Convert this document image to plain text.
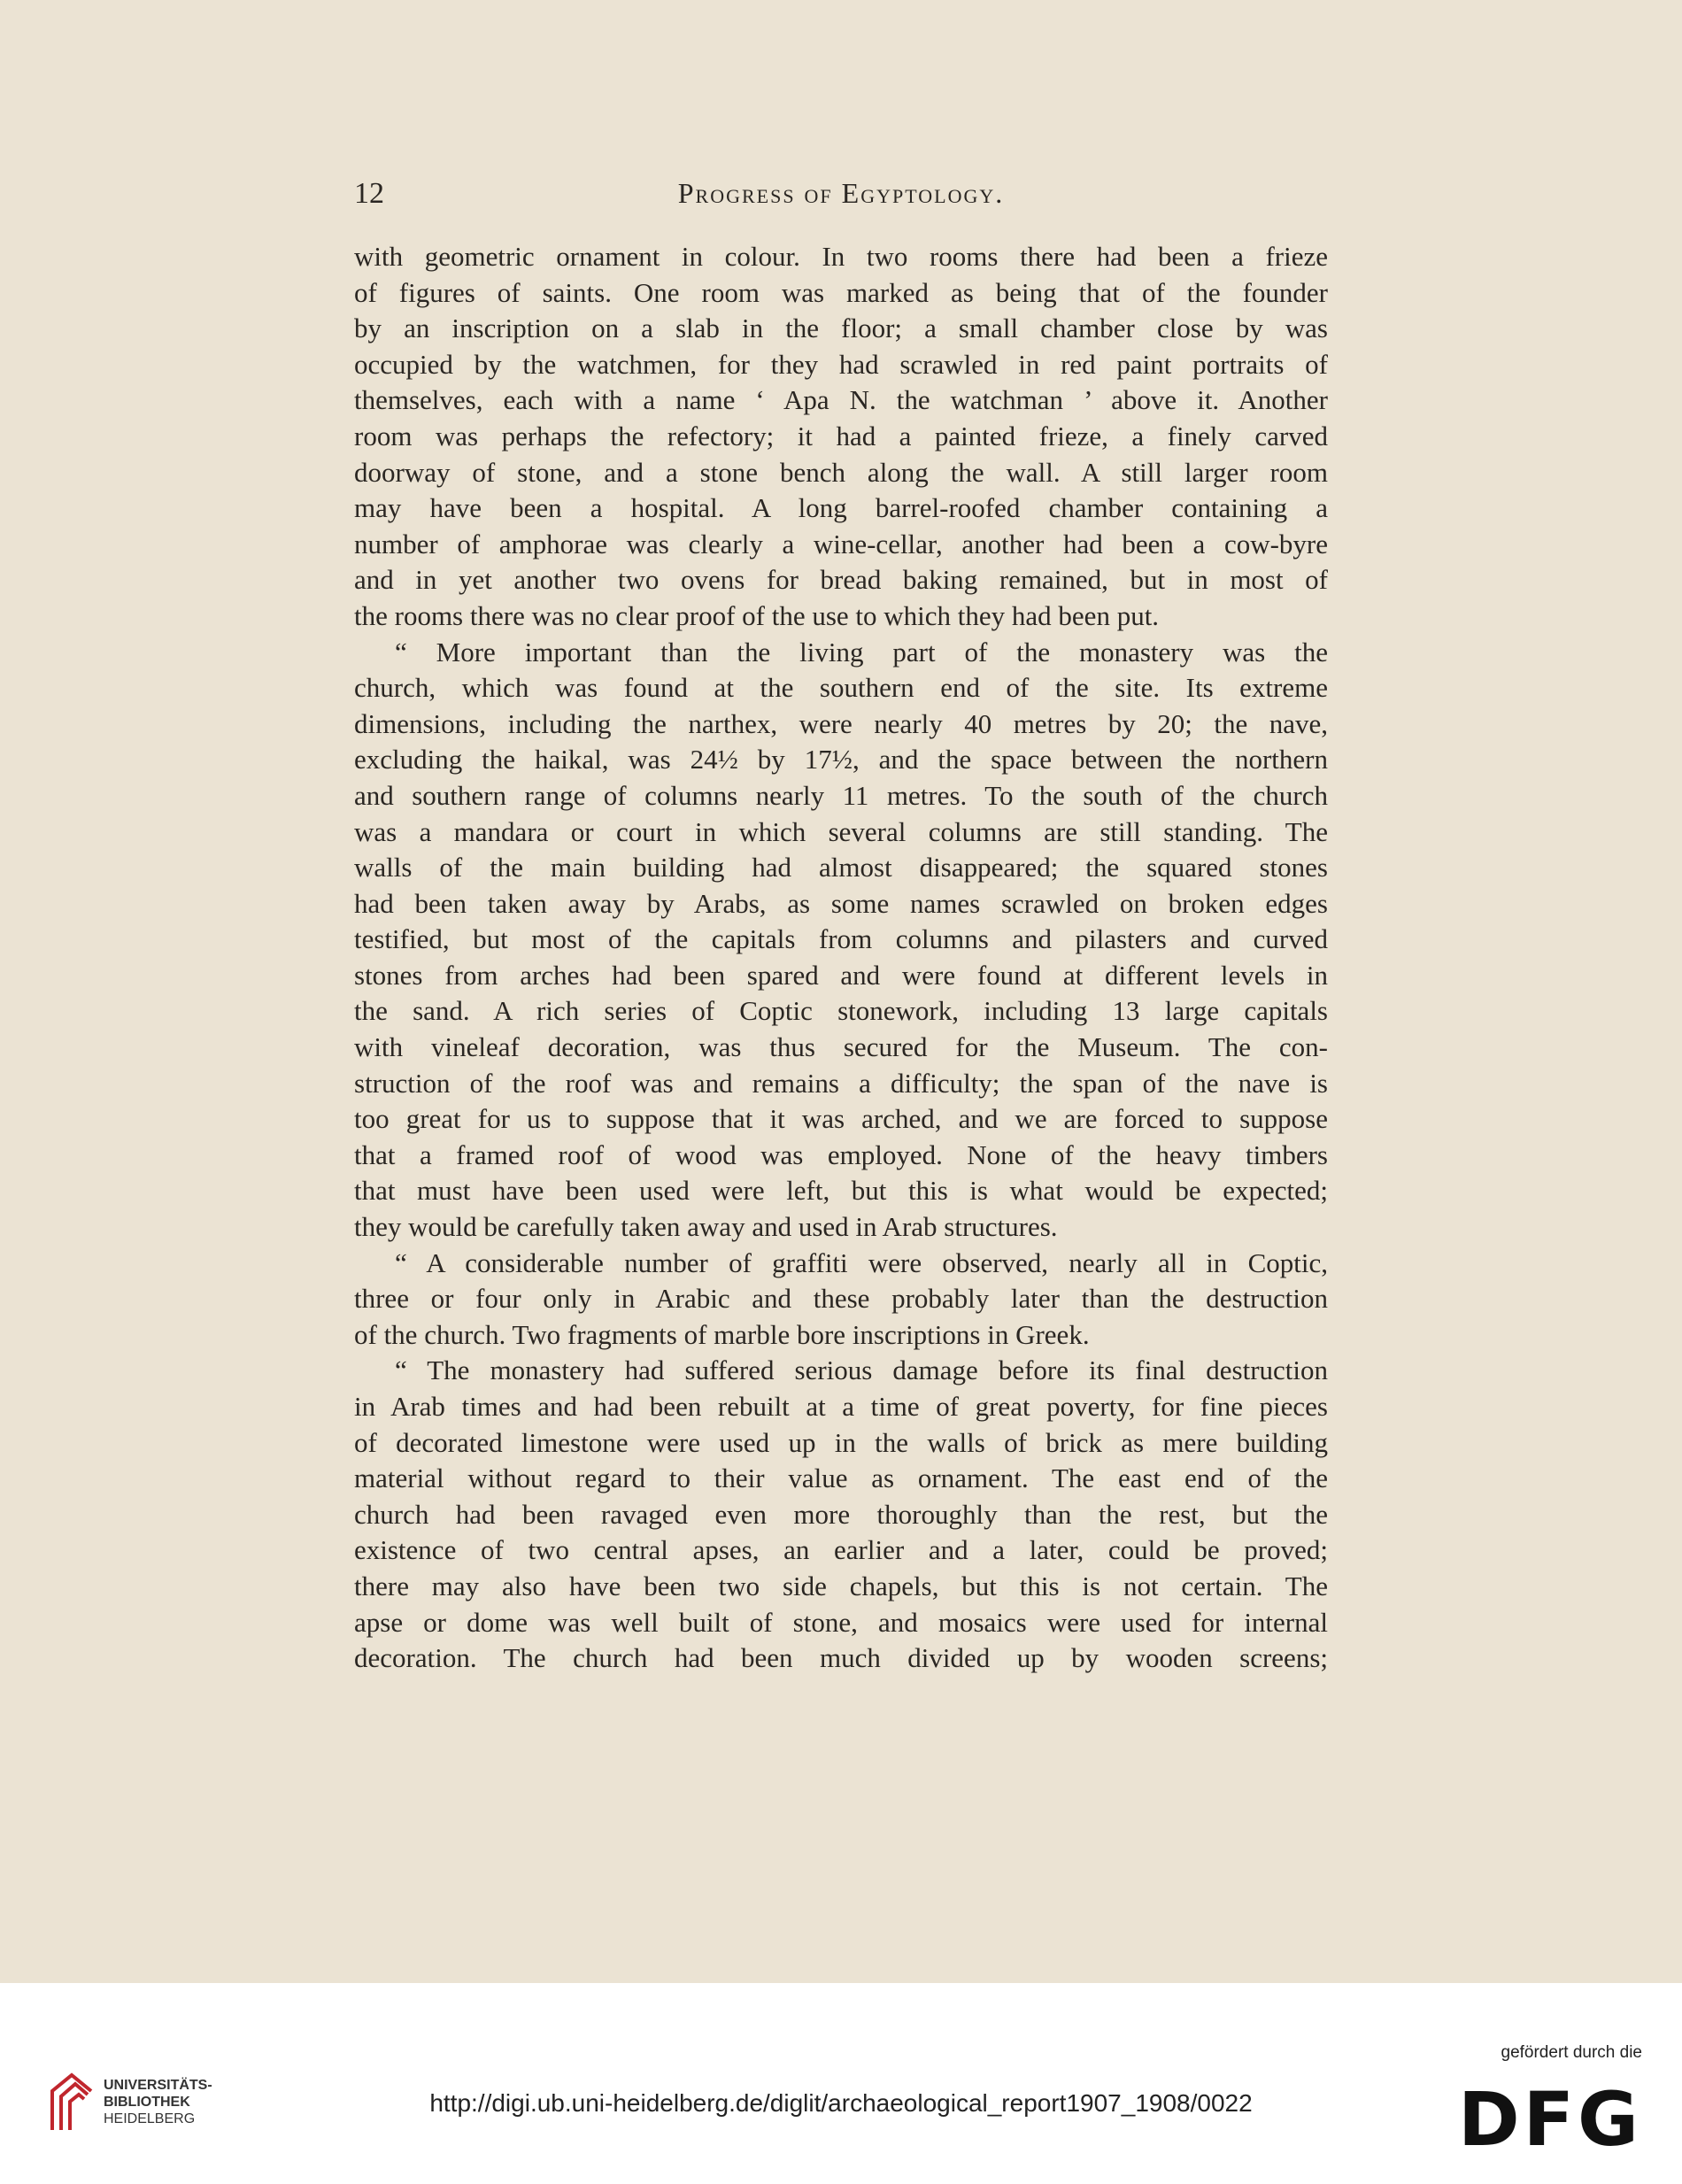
12	Progress of Egyptology.
with geometric ornament in colour. In two rooms there had been a frieze
of figures of saints. One room was marked as being that of the founder
by an inscription on a slab in the floor; a small chamber close by was
occupied by the watchmen, for they had scrawled in red paint portraits of
themselves, each with a name ‘ Apa N. the watchman ’ above it. Another
room was perhaps the refectory; it had a painted frieze, a finely carved
doorway of stone, and a stone bench along the wall. A still larger room
may have been a hospital. A long barrel-roofed chamber containing a
number of amphorae was clearly a wine-cellar, another had been a cow-byre
and in yet another two ovens for bread baking remained, but in most of
the rooms there was no clear proof of the use to which they had been put.
“ More important than the living part of the monastery was the
church, which was found at the southern end of the site. Its extreme
dimensions, including the narthex, were nearly 40 metres by 20; the nave,
excluding the haikal, was 24½ by 17½, and the space between the northern
and southern range of columns nearly 11 metres. To the south of the church
was a mandara or court in which several columns are still standing. The
walls of the main building had almost disappeared; the squared stones
had been taken away by Arabs, as some names scrawled on broken edges
testified, but most of the capitals from columns and pilasters and curved
stones from arches had been spared and were found at different levels in
the sand. A rich series of Coptic stonework, including 13 large capitals
with vineleaf decoration, was thus secured for the Museum. The con-
struction of the roof was and remains a difficulty; the span of the nave is
too great for us to suppose that it was arched, and we are forced to suppose
that a framed roof of wood was employed. None of the heavy timbers
that must have been used were left, but this is what would be expected;
they would be carefully taken away and used in Arab structures.
“ A considerable number of graffiti were observed, nearly all in Coptic,
three or four only in Arabic and these probably later than the destruction
of the church. Two fragments of marble bore inscriptions in Greek.
“ The monastery had suffered serious damage before its final destruction
in Arab times and had been rebuilt at a time of great poverty, for fine pieces
of decorated limestone were used up in the walls of brick as mere building
material without regard to their value as ornament. The east end of the
church had been ravaged even more thoroughly than the rest, but the
existence of two central apses, an earlier and a later, could be proved;
there may also have been two side chapels, but this is not certain. The
apse or dome was well built of stone, and mosaics were used for internal
decoration. The church had been much divided up by wooden screens;
UNIVERSITÄTS-
BIBLIOTHEK
HEIDELBERG
http://digi.ub.uni-heidelberg.de/diglit/archaeological_report1907_1908/0022
gefördert durch die
DFG
